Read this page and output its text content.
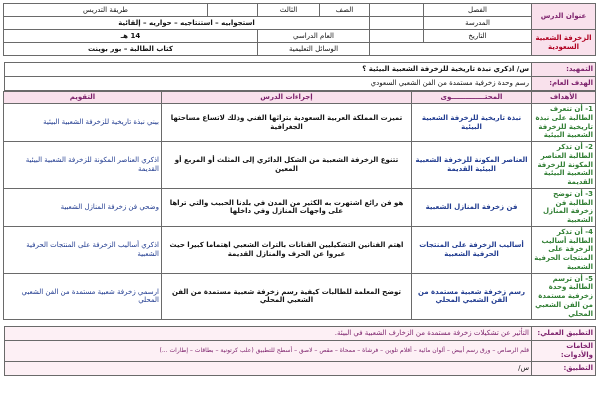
عنوان الدرس	الفصل		الصف	الثالث		طريقة التدريس
	المدرسة		استجوابيه – استنتاجيه – حواريه – إلقائية			
الزخرفة الشعبية السعودية	التاريخ		العام الدراسي		14 هـ	
			الوسائل التعليمية		كتاب الطالبة – بور بوينت	
التمهيد:	س/ اذكري نبذة تاريخية للزخرفة الشعبية البيئية ؟
الهدف العام:	رسم وحدة زخرفية مستمدة من الفن الشعبي السعودي
الأهداف	المحتــــــــــــــوى	إجراءات الدرس	التقويم
1- أن تتعرف الطالبة على نبذة تاريخية للزخرفة الشعبية البيئية	نبذة تاريخية للزخرفة الشعبية البيئية	تميزت المملكة العربية السعودية بتراثها الفني وذلك لاتساع مساحتها الجغرافية	بيني نبذة تاريخية للزخرفة الشعبية البيئية
2- أن تذكر الطالبة العناصر المكونة للزخرفة الشعبية البيئية القديمة	العناصر المكونة للزخرفة الشعبية البيئية القديمة	تتنوع الزخرفة الشعبية من الشكل الدائري إلى المثلث أو المربع أو المعين	اذكري العناصر المكونة للزخرفة الشعبية البيئية القديمة
3- أن توضح الطالبة فن زخرفة المنازل الشعبية	فن زخرفة المنازل الشعبية	هو فن رائع اشتهرت به الكثير من المدن في بلدنا الحبيب والتي تراها على واجهات المنازل وفي داخلها	وضحي فن زخرفة المنازل الشعبية
4- أن تذكر الطالبة أساليب الزخرفة على المنتجات الحرفية الشعبية	أساليب الزخرفة على المنتجات الحرفية الشعبية	اهتم الفنانين التشكيليين الفنانات بالتراث الشعبي اهتماما كبيرا حيث عبروا عن الحرف والمنازل القديمة	اذكري أساليب الزخرفة على المنتجات الحرفية الشعبية
5- أن ترسم الطالبة وحدة زخرفية مستمدة من الفن الشعبي المحلي	رسم زخرفة شعبية مستمدة من الفن الشعبي المحلي	توضح المعلمة للطالبات كيفية رسم زخرفة شعبية مستمدة من الفن الشعبي المحلي	ارسمي زخرفة شعبية مستمدة من الفن الشعبي المحلي
التطبيق العملي:	التأثير عن تشكيلات زخرفة مستمدة من الزخارف الشعبية في البيئة.
الخامات والأدوات:	قلم الرصاص – ورق رسم أبيض – ألوان مائية – أقلام تلوين – فرشاة – ممحاة – مقص – لاصق – أسطح للتطبيق (علب كرتونية – بطاقات – إطارات ...)
التطبيق:	س/
